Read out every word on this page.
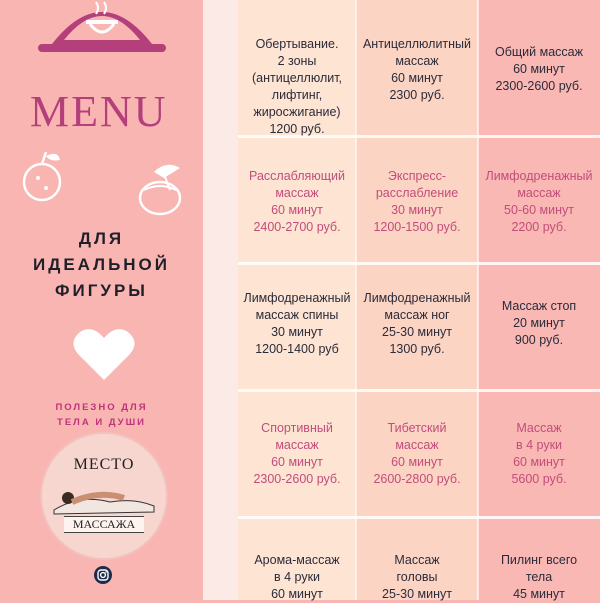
MENU
ДЛЯ
ИДЕАЛЬНОЙ
ФИГУРЫ
ПОЛЕЗНО ДЛЯ
ТЕЛА И ДУШИ
МЕСТО
МАССАЖА
Обертывание.
2 зоны
(антицеллюлит,
лифтинг,
жиросжигание)
1200 руб.
Антицеллюлитный
массаж
60 минут
2300 руб.
Общий массаж
60 минут
2300-2600 руб.
Расслабляющий
массаж
60 минут
2400-2700 руб.
Экспресс-
расслабление
30 минут
1200-1500 руб.
Лимфодренажный
массаж
50-60 минут
2200 руб.
Лимфодренажный
массаж спины
30 минут
1200-1400 руб
Лимфодренажный
массаж ног
25-30 минут
1300 руб.
Массаж стоп
20 минут
900 руб.
Спортивный
массаж
60 минут
2300-2600 руб.
Тибетский
массаж
60 минут
2600-2800 руб.
Массаж
в 4 руки
60 минут
5600 руб.
Арома-массаж
в 4 руки
60 минут
Массаж
головы
25-30 минут
Пилинг всего
тела
45 минут
